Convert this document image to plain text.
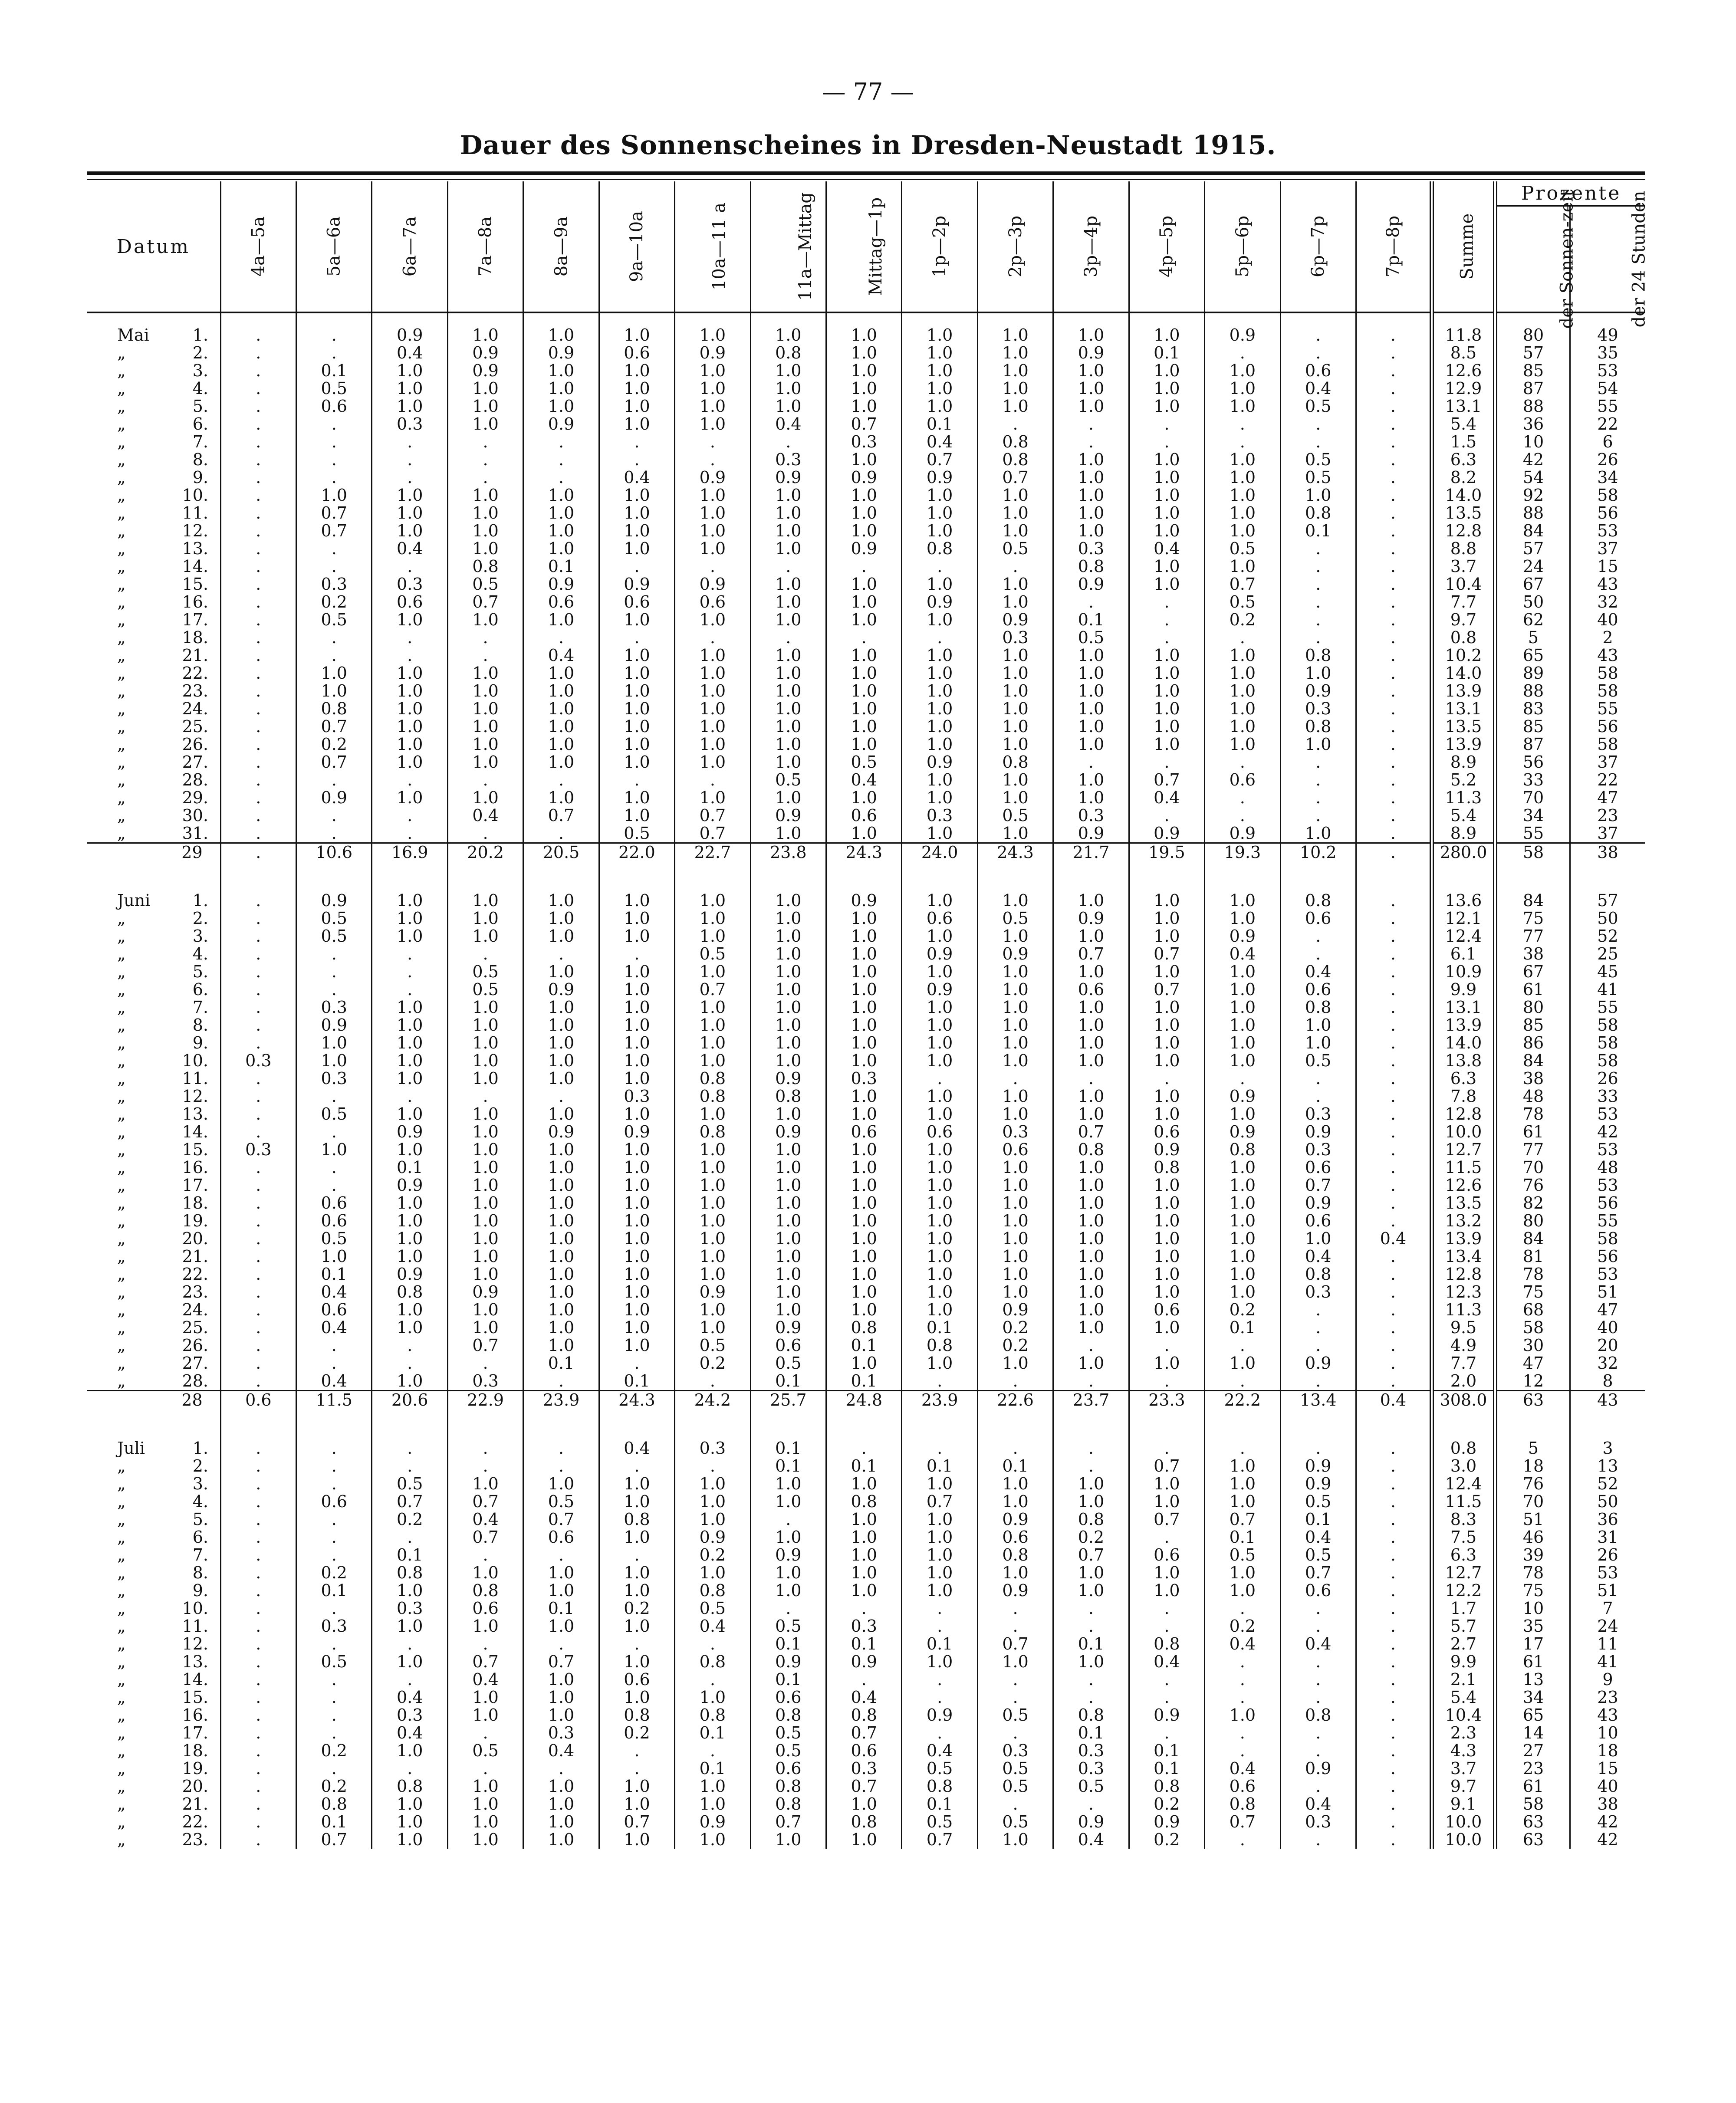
— 77 —
Dauer des Sonnenscheines in Dresden-Neustadt 1915.
Datum	4a—5a	5a—6a	6a—7a	7a—8a	8a—9a	9a—10a	10a—11 a	11a—Mittag	Mittag—1p	1p—2p	2p—3p	3p—4p	4p—5p	5p—6p	6p—7p	7p—8p	Summe	Prozente	
																		der Sonnen-zeit	der 24 Stunden
Mai 1.	.	.	0.9	1.0	1.0	1.0	1.0	1.0	1.0	1.0	1.0	1.0	1.0	0.9	.	.	11.8	80	49
„ 2.	.	.	0.4	0.9	0.9	0.6	0.9	0.8	1.0	1.0	1.0	0.9	0.1	.	.	.	8.5	57	35
„ 3.	.	0.1	1.0	0.9	1.0	1.0	1.0	1.0	1.0	1.0	1.0	1.0	1.0	1.0	0.6	.	12.6	85	53
„ 4.	.	0.5	1.0	1.0	1.0	1.0	1.0	1.0	1.0	1.0	1.0	1.0	1.0	1.0	0.4	.	12.9	87	54
„ 5.	.	0.6	1.0	1.0	1.0	1.0	1.0	1.0	1.0	1.0	1.0	1.0	1.0	1.0	0.5	.	13.1	88	55
„ 6.	.	.	0.3	1.0	0.9	1.0	1.0	0.4	0.7	0.1	.	.	.	.	.	.	5.4	36	22
„ 7.	.	.	.	.	.	.	.	.	0.3	0.4	0.8	.	.	.	.	.	1.5	10	6
„ 8.	.	.	.	.	.	.	.	0.3	1.0	0.7	0.8	1.0	1.0	1.0	0.5	.	6.3	42	26
„ 9.	.	.	.	.	.	0.4	0.9	0.9	0.9	0.9	0.7	1.0	1.0	1.0	0.5	.	8.2	54	34
„ 10.	.	1.0	1.0	1.0	1.0	1.0	1.0	1.0	1.0	1.0	1.0	1.0	1.0	1.0	1.0	.	14.0	92	58
„ 11.	.	0.7	1.0	1.0	1.0	1.0	1.0	1.0	1.0	1.0	1.0	1.0	1.0	1.0	0.8	.	13.5	88	56
„ 12.	.	0.7	1.0	1.0	1.0	1.0	1.0	1.0	1.0	1.0	1.0	1.0	1.0	1.0	0.1	.	12.8	84	53
„ 13.	.	.	0.4	1.0	1.0	1.0	1.0	1.0	0.9	0.8	0.5	0.3	0.4	0.5	.	.	8.8	57	37
„ 14.	.	.	.	0.8	0.1	.	.	.	.	.	.	0.8	1.0	1.0	.	.	3.7	24	15
„ 15.	.	0.3	0.3	0.5	0.9	0.9	0.9	1.0	1.0	1.0	1.0	0.9	1.0	0.7	.	.	10.4	67	43
„ 16.	.	0.2	0.6	0.7	0.6	0.6	0.6	1.0	1.0	0.9	1.0	.	.	0.5	.	.	7.7	50	32
„ 17.	.	0.5	1.0	1.0	1.0	1.0	1.0	1.0	1.0	1.0	0.9	0.1	.	0.2	.	.	9.7	62	40
„ 18.	.	.	.	.	.	.	.	.	.	.	0.3	0.5	.	.	.	.	0.8	5	2
„ 21.	.	.	.	.	0.4	1.0	1.0	1.0	1.0	1.0	1.0	1.0	1.0	1.0	0.8	.	10.2	65	43
„ 22.	.	1.0	1.0	1.0	1.0	1.0	1.0	1.0	1.0	1.0	1.0	1.0	1.0	1.0	1.0	.	14.0	89	58
„ 23.	.	1.0	1.0	1.0	1.0	1.0	1.0	1.0	1.0	1.0	1.0	1.0	1.0	1.0	0.9	.	13.9	88	58
„ 24.	.	0.8	1.0	1.0	1.0	1.0	1.0	1.0	1.0	1.0	1.0	1.0	1.0	1.0	0.3	.	13.1	83	55
„ 25.	.	0.7	1.0	1.0	1.0	1.0	1.0	1.0	1.0	1.0	1.0	1.0	1.0	1.0	0.8	.	13.5	85	56
„ 26.	.	0.2	1.0	1.0	1.0	1.0	1.0	1.0	1.0	1.0	1.0	1.0	1.0	1.0	1.0	.	13.9	87	58
„ 27.	.	0.7	1.0	1.0	1.0	1.0	1.0	1.0	0.5	0.9	0.8	.	.	.	.	.	8.9	56	37
„ 28.	.	.	.	.	.	.	.	0.5	0.4	1.0	1.0	1.0	0.7	0.6	.	.	5.2	33	22
„ 29.	.	0.9	1.0	1.0	1.0	1.0	1.0	1.0	1.0	1.0	1.0	1.0	0.4	.	.	.	11.3	70	47
„ 30.	.	.	.	0.4	0.7	1.0	0.7	0.9	0.6	0.3	0.5	0.3	.	.	.	.	5.4	34	23
„ 31.	.	.	.	.	.	0.5	0.7	1.0	1.0	1.0	1.0	0.9	0.9	0.9	1.0	.	8.9	55	37
29	.	10.6	16.9	20.2	20.5	22.0	22.7	23.8	24.3	24.0	24.3	21.7	19.5	19.3	10.2	.	280.0	58	38

Juni 1.	.	0.9	1.0	1.0	1.0	1.0	1.0	1.0	0.9	1.0	1.0	1.0	1.0	1.0	0.8	.	13.6	84	57
„ 2.	.	0.5	1.0	1.0	1.0	1.0	1.0	1.0	1.0	0.6	0.5	0.9	1.0	1.0	0.6	.	12.1	75	50
„ 3.	.	0.5	1.0	1.0	1.0	1.0	1.0	1.0	1.0	1.0	1.0	1.0	1.0	0.9	.	.	12.4	77	52
„ 4.	.	.	.	.	.	.	0.5	1.0	1.0	0.9	0.9	0.7	0.7	0.4	.	.	6.1	38	25
„ 5.	.	.	.	0.5	1.0	1.0	1.0	1.0	1.0	1.0	1.0	1.0	1.0	1.0	0.4	.	10.9	67	45
„ 6.	.	.	.	0.5	0.9	1.0	0.7	1.0	1.0	0.9	1.0	0.6	0.7	1.0	0.6	.	9.9	61	41
„ 7.	.	0.3	1.0	1.0	1.0	1.0	1.0	1.0	1.0	1.0	1.0	1.0	1.0	1.0	0.8	.	13.1	80	55
„ 8.	.	0.9	1.0	1.0	1.0	1.0	1.0	1.0	1.0	1.0	1.0	1.0	1.0	1.0	1.0	.	13.9	85	58
„ 9.	.	1.0	1.0	1.0	1.0	1.0	1.0	1.0	1.0	1.0	1.0	1.0	1.0	1.0	1.0	.	14.0	86	58
„ 10.	0.3	1.0	1.0	1.0	1.0	1.0	1.0	1.0	1.0	1.0	1.0	1.0	1.0	1.0	0.5	.	13.8	84	58
„ 11.	.	0.3	1.0	1.0	1.0	1.0	0.8	0.9	0.3	.	.	.	.	.	.	.	6.3	38	26
„ 12.	.	.	.	.	.	0.3	0.8	0.8	1.0	1.0	1.0	1.0	1.0	0.9	.	.	7.8	48	33
„ 13.	.	0.5	1.0	1.0	1.0	1.0	1.0	1.0	1.0	1.0	1.0	1.0	1.0	1.0	0.3	.	12.8	78	53
„ 14.	.	.	0.9	1.0	0.9	0.9	0.8	0.9	0.6	0.6	0.3	0.7	0.6	0.9	0.9	.	10.0	61	42
„ 15.	0.3	1.0	1.0	1.0	1.0	1.0	1.0	1.0	1.0	1.0	0.6	0.8	0.9	0.8	0.3	.	12.7	77	53
„ 16.	.	.	0.1	1.0	1.0	1.0	1.0	1.0	1.0	1.0	1.0	1.0	0.8	1.0	0.6	.	11.5	70	48
„ 17.	.	.	0.9	1.0	1.0	1.0	1.0	1.0	1.0	1.0	1.0	1.0	1.0	1.0	0.7	.	12.6	76	53
„ 18.	.	0.6	1.0	1.0	1.0	1.0	1.0	1.0	1.0	1.0	1.0	1.0	1.0	1.0	0.9	.	13.5	82	56
„ 19.	.	0.6	1.0	1.0	1.0	1.0	1.0	1.0	1.0	1.0	1.0	1.0	1.0	1.0	0.6	.	13.2	80	55
„ 20.	.	0.5	1.0	1.0	1.0	1.0	1.0	1.0	1.0	1.0	1.0	1.0	1.0	1.0	1.0	0.4	13.9	84	58
„ 21.	.	1.0	1.0	1.0	1.0	1.0	1.0	1.0	1.0	1.0	1.0	1.0	1.0	1.0	0.4	.	13.4	81	56
„ 22.	.	0.1	0.9	1.0	1.0	1.0	1.0	1.0	1.0	1.0	1.0	1.0	1.0	1.0	0.8	.	12.8	78	53
„ 23.	.	0.4	0.8	0.9	1.0	1.0	0.9	1.0	1.0	1.0	1.0	1.0	1.0	1.0	0.3	.	12.3	75	51
„ 24.	.	0.6	1.0	1.0	1.0	1.0	1.0	1.0	1.0	1.0	0.9	1.0	0.6	0.2	.	.	11.3	68	47
„ 25.	.	0.4	1.0	1.0	1.0	1.0	1.0	0.9	0.8	0.1	0.2	1.0	1.0	0.1	.	.	9.5	58	40
„ 26.	.	.	.	0.7	1.0	1.0	0.5	0.6	0.1	0.8	0.2	.	.	.	.	.	4.9	30	20
„ 27.	.	.	.	.	0.1	.	0.2	0.5	1.0	1.0	1.0	1.0	1.0	1.0	0.9	.	7.7	47	32
„ 28.	.	0.4	1.0	0.3	.	0.1	.	0.1	0.1	.	.	.	.	.	.	.	2.0	12	8
28	0.6	11.5	20.6	22.9	23.9	24.3	24.2	25.7	24.8	23.9	22.6	23.7	23.3	22.2	13.4	0.4	308.0	63	43

Juli 1.	.	.	.	.	.	0.4	0.3	0.1	.	.	.	.	.	.	.	.	0.8	5	3
„ 2.	.	.	.	.	.	.	.	0.1	0.1	0.1	0.1	.	0.7	1.0	0.9	.	3.0	18	13
„ 3.	.	.	0.5	1.0	1.0	1.0	1.0	1.0	1.0	1.0	1.0	1.0	1.0	1.0	0.9	.	12.4	76	52
„ 4.	.	0.6	0.7	0.7	0.5	1.0	1.0	1.0	0.8	0.7	1.0	1.0	1.0	1.0	0.5	.	11.5	70	50
„ 5.	.	.	0.2	0.4	0.7	0.8	1.0	.	1.0	1.0	0.9	0.8	0.7	0.7	0.1	.	8.3	51	36
„ 6.	.	.	.	0.7	0.6	1.0	0.9	1.0	1.0	1.0	0.6	0.2	.	0.1	0.4	.	7.5	46	31
„ 7.	.	.	0.1	.	.	.	0.2	0.9	1.0	1.0	0.8	0.7	0.6	0.5	0.5	.	6.3	39	26
„ 8.	.	0.2	0.8	1.0	1.0	1.0	1.0	1.0	1.0	1.0	1.0	1.0	1.0	1.0	0.7	.	12.7	78	53
„ 9.	.	0.1	1.0	0.8	1.0	1.0	0.8	1.0	1.0	1.0	0.9	1.0	1.0	1.0	0.6	.	12.2	75	51
„ 10.	.	.	0.3	0.6	0.1	0.2	0.5	.	.	.	.	.	.	.	.	.	1.7	10	7
„ 11.	.	0.3	1.0	1.0	1.0	1.0	0.4	0.5	0.3	.	.	.	.	0.2	.	.	5.7	35	24
„ 12.	.	.	.	.	.	.	.	0.1	0.1	0.1	0.7	0.1	0.8	0.4	0.4	.	2.7	17	11
„ 13.	.	0.5	1.0	0.7	0.7	1.0	0.8	0.9	0.9	1.0	1.0	1.0	0.4	.	.	.	9.9	61	41
„ 14.	.	.	.	0.4	1.0	0.6	.	0.1	.	.	.	.	.	.	.	.	2.1	13	9
„ 15.	.	.	0.4	1.0	1.0	1.0	1.0	0.6	0.4	.	.	.	.	.	.	.	5.4	34	23
„ 16.	.	.	0.3	1.0	1.0	0.8	0.8	0.8	0.8	0.9	0.5	0.8	0.9	1.0	0.8	.	10.4	65	43
„ 17.	.	.	0.4	.	0.3	0.2	0.1	0.5	0.7	.	.	0.1	.	.	.	.	2.3	14	10
„ 18.	.	0.2	1.0	0.5	0.4	.	.	0.5	0.6	0.4	0.3	0.3	0.1	.	.	.	4.3	27	18
„ 19.	.	.	.	.	.	.	0.1	0.6	0.3	0.5	0.5	0.3	0.1	0.4	0.9	.	3.7	23	15
„ 20.	.	0.2	0.8	1.0	1.0	1.0	1.0	0.8	0.7	0.8	0.5	0.5	0.8	0.6	.	.	9.7	61	40
„ 21.	.	0.8	1.0	1.0	1.0	1.0	1.0	0.8	1.0	0.1	.	.	0.2	0.8	0.4	.	9.1	58	38
„ 22.	.	0.1	1.0	1.0	1.0	0.7	0.9	0.7	0.8	0.5	0.5	0.9	0.9	0.7	0.3	.	10.0	63	42
„ 23.	.	0.7	1.0	1.0	1.0	1.0	1.0	1.0	1.0	0.7	1.0	0.4	0.2	.	.	.	10.0	63	42
